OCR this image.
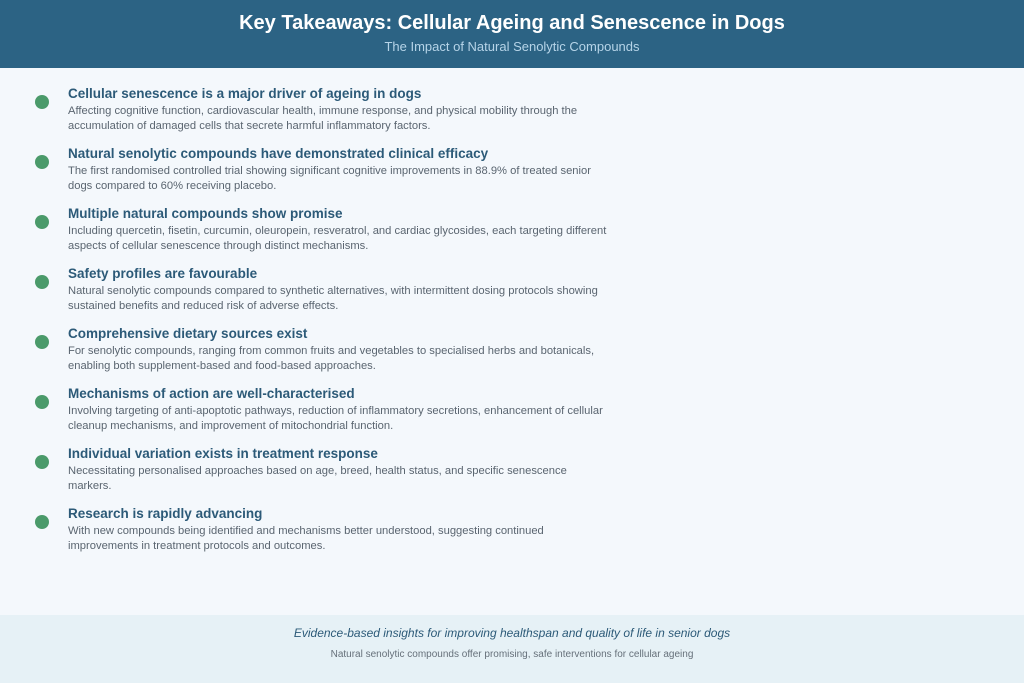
Key Takeaways: Cellular Ageing and Senescence in Dogs
The Impact of Natural Senolytic Compounds
Cellular senescence is a major driver of ageing in dogs
Affecting cognitive function, cardiovascular health, immune response, and physical mobility through the accumulation of damaged cells that secrete harmful inflammatory factors.
Natural senolytic compounds have demonstrated clinical efficacy
The first randomised controlled trial showing significant cognitive improvements in 88.9% of treated senior dogs compared to 60% receiving placebo.
Multiple natural compounds show promise
Including quercetin, fisetin, curcumin, oleuropein, resveratrol, and cardiac glycosides, each targeting different aspects of cellular senescence through distinct mechanisms.
Safety profiles are favourable
Natural senolytic compounds compared to synthetic alternatives, with intermittent dosing protocols showing sustained benefits and reduced risk of adverse effects.
Comprehensive dietary sources exist
For senolytic compounds, ranging from common fruits and vegetables to specialised herbs and botanicals, enabling both supplement-based and food-based approaches.
Mechanisms of action are well-characterised
Involving targeting of anti-apoptotic pathways, reduction of inflammatory secretions, enhancement of cellular cleanup mechanisms, and improvement of mitochondrial function.
Individual variation exists in treatment response
Necessitating personalised approaches based on age, breed, health status, and specific senescence markers.
Research is rapidly advancing
With new compounds being identified and mechanisms better understood, suggesting continued improvements in treatment protocols and outcomes.
Evidence-based insights for improving healthspan and quality of life in senior dogs
Natural senolytic compounds offer promising, safe interventions for cellular ageing
